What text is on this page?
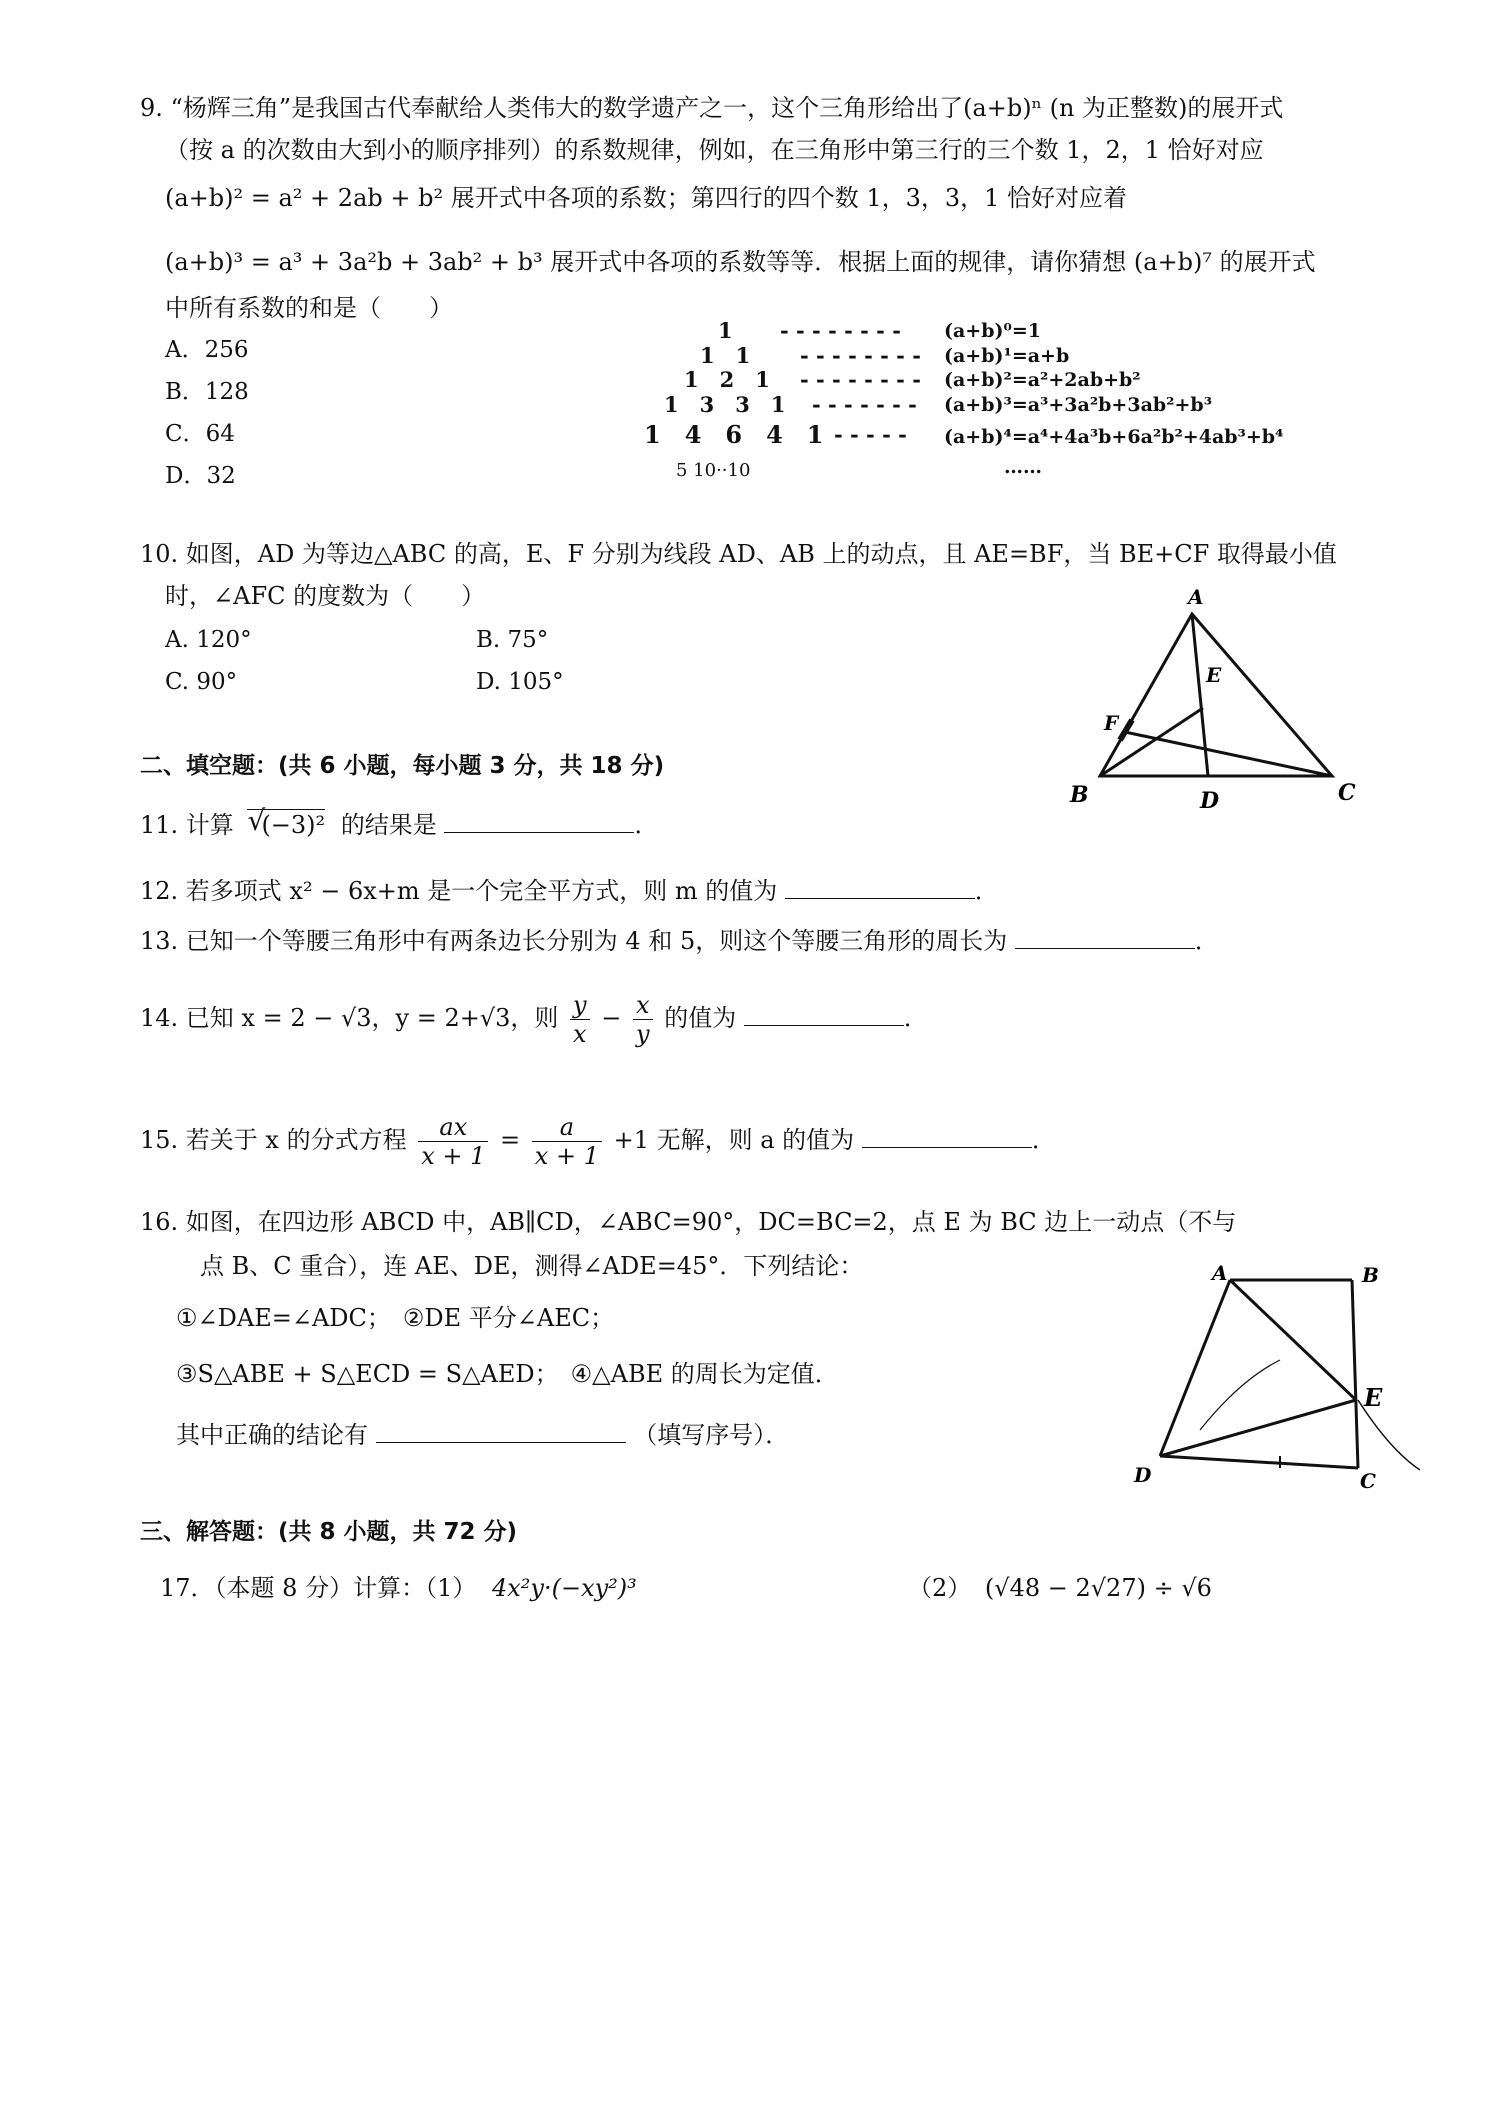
9. “杨辉三角”是我国古代奉献给人类伟大的数学遗产之一，这个三角形给出了(a+b)ⁿ (n 为正整数)的展开式
（按 a 的次数由大到小的顺序排列）的系数规律，例如，在三角形中第三行的三个数 1，2，1 恰好对应
(a+b)² = a² + 2ab + b² 展开式中各项的系数；第四行的四个数 1，3，3，1 恰好对应着
(a+b)³ = a³ + 3a²b + 3ab² + b³ 展开式中各项的系数等等．根据上面的规律，请你猜想 (a+b)⁷ 的展开式
中所有系数的和是（　　）
A．256
B．128
C．64
D．32
1 - - - - - - - - (a+b)⁰=1
1　1 - - - - - - - - (a+b)¹=a+b
1　2　1 - - - - - - - - (a+b)²=a²+2ab+b²
1　3　3　1 - - - - - - - (a+b)³=a³+3a²b+3ab²+b³
1　4　6　4　1 - - - - - (a+b)⁴=a⁴+4a³b+6a²b²+4ab³+b⁴
5 10··10	……
10. 如图，AD 为等边△ABC 的高，E、F 分别为线段 AD、AB 上的动点，且 AE=BF，当 BE+CF 取得最小值
时，∠AFC 的度数为（　　）
A. 120°	B. 75°
C. 90°	D. 105°
A
E
F
B	D	C
二、填空题：(共 6 小题，每小题 3 分，共 18 分)
11. 计算 √
(−3)² 的结果是	．
12. 若多项式 x² − 6x+m 是一个完全平方式，则 m 的值为	．
13. 已知一个等腰三角形中有两条边长分别为 4 和 5，则这个等腰三角形的周长为	．
14. 已知 x = 2 − √3，y = 2+√3，则 $\frac{y}{x} - \frac{x}{y}$ 的值为	．
15. 若关于 x 的分式方程 $\frac{ax}{x + 1} = \frac{a}{x + 1} +1$ 无解，则 a 的值为	．
16. 如图，在四边形 ABCD 中，AB∥CD，∠ABC=90°，DC=BC=2，点 E 为 BC 边上一动点（不与
点 B、C 重合），连 AE、DE，测得∠ADE=45°．下列结论：
①∠DAE=∠ADC；　②DE 平分∠AEC；
③S△ABE + S△ECD = S△AED；　④△ABE 的周长为定值．
其中正确的结论有	（填写序号）．
A	B
E
D	C
三、解答题：(共 8 小题，共 72 分)
17．（本题 8 分）计算：（1） 4x²y·(−xy²)³	（2） (√48 − 2√27) ÷ √6
